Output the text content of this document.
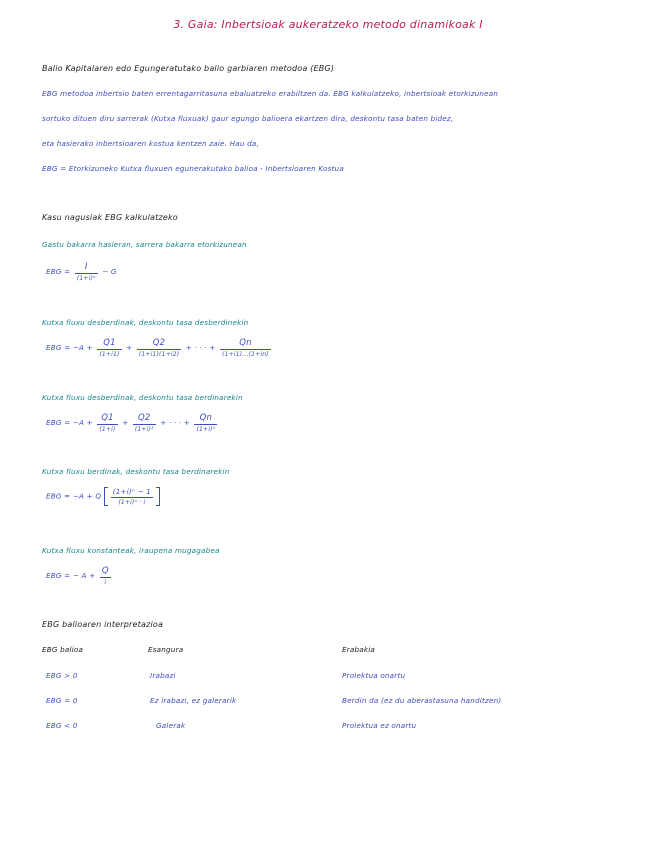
3. Gaia: Inbertsioak aukeratzeko metodo dinamikoak I
Balio Kapitalaren edo Egungeratutako balio garbiaren metodoa (EBG)
EBG metodoa inbertsio baten errentagarritasuna ebaluatzeko erabiltzen da. EBG kalkulatzeko, inbertsioak etorkizunean
sortuko dituen diru sarrerak (Kutxa fluxuak) gaur egungo balioera ekartzen dira, deskontu tasa baten bidez,
eta hasierako inbertsioaren kostua kentzen zaie. Hau da,
EBG = Etorkizuneko Kutxa fluxuen egunerakutako balioa - Inbertsioaren Kostua
Kasu nagusiak EBG kalkulatzeko
Gastu bakarra hasieran, sarrera bakarra etorkizunean
EBG = $\frac{I}{\text{(1+i)ⁿ}} - G$
Kutxa fluxu desberdinak, deskontu tasa desberdinekin
EBG = $-A + \frac{Q1}{(1+i1)} + \frac{Q2}{(1+i1)(1+i2)}$ + · · · + $\frac{Qn}{(1+i1)...(1+in)}$
Kutxa fluxu desberdinak, deskontu tasa berdinarekin
EBG = $-A + \frac{Q1}{(1+i)} + \frac{Q2}{\text{(1+i)²}}$ + · · · + $\frac{Qn}{\text{(1+i)ⁿ}}$
Kutxa fluxu berdinak, deskontu tasa berdinarekin
EBG = −A + Q $\frac{\text{(1+i)ⁿ − 1}}{\text{(1+i)ⁿ · i}}$
Kutxa fluxu konstanteak, iraupena mugagabea
EBG = − $A + \frac{Q}{i}$
EBG balioaren interpretazioa
EBG balioa	Esangura	Erabakia
EBG > 0	Irabazi	Proiektua onartu
EBG = 0	Ez irabazi, ez galerarik	Berdin da (ez du aberastasuna handitzen)
EBG < 0	Galerak	Proiektua ez onartu
